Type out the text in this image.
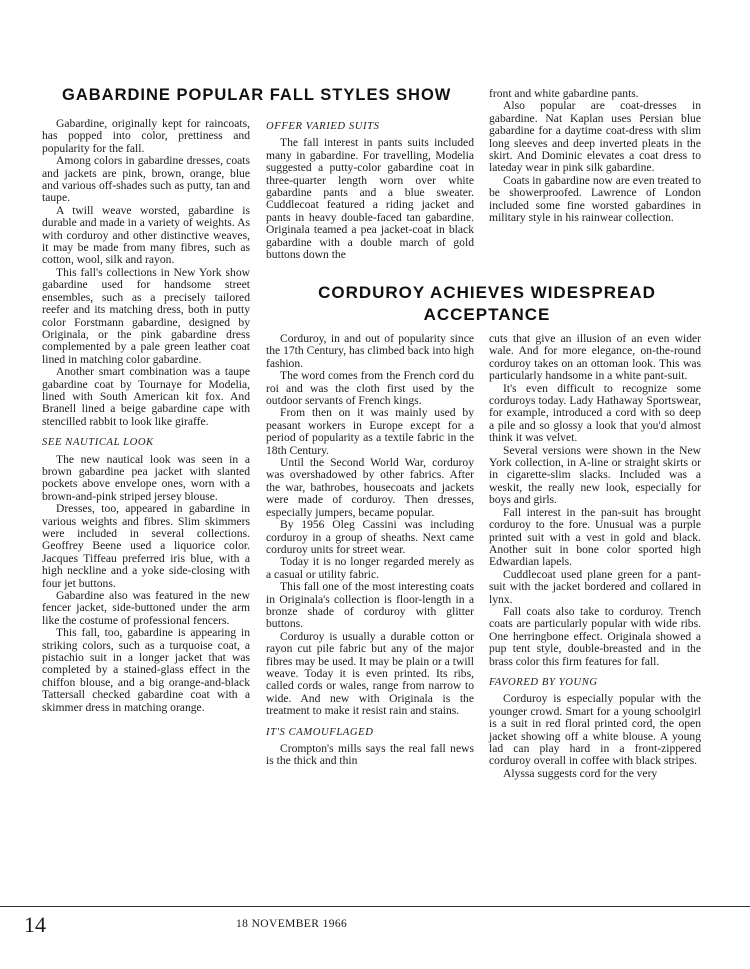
GABARDINE POPULAR FALL STYLES SHOW

Gabardine, originally kept for raincoats, has popped into color, prettiness and popularity for the fall.

Among colors in gabardine dresses, coats and jackets are pink, brown, orange, blue and various off-shades such as putty, tan and taupe.

A twill weave worsted, gabardine is durable and made in a variety of weights. As with corduroy and other distinctive weaves, it may be made from many fibres, such as cotton, wool, silk and rayon.

This fall's collections in New York show gabardine used for handsome street ensembles, such as a precisely tailored reefer and its matching dress, both in putty color Forstmann gabardine, designed by Originala, or the pink gabardine dress complemented by a pale green leather coat lined in matching color gabardine.

Another smart combination was a taupe gabardine coat by Tournaye for Modelia, lined with South American kit fox. And Branell lined a beige gabardine cape with stencilled rabbit to look like giraffe.

SEE NAUTICAL LOOK

The new nautical look was seen in a brown gabardine pea jacket with slanted pockets above envelope ones, worn with a brown-and-pink striped jersey blouse.

Dresses, too, appeared in gabardine in various weights and fibres. Slim skimmers were included in several collections. Geoffrey Beene used a liquorice color. Jacques Tiffeau preferred iris blue, with a high neckline and a yoke side-closing with four jet buttons.

Gabardine also was featured in the new fencer jacket, side-buttoned under the arm like the costume of professional fencers.

This fall, too, gabardine is appearing in striking colors, such as a turquoise coat, a pistachio suit in a longer jacket that was completed by a stained-glass effect in the chiffon blouse, and a big orange-and-black Tattersall checked gabardine coat with a skimmer dress in matching orange.

OFFER VARIED SUITS

The fall interest in pants suits included many in gabardine. For travelling, Modelia suggested a putty-color gabardine coat in three-quarter length worn over white gabardine pants and a blue sweater. Cuddlecoat featured a riding jacket and pants in heavy double-faced tan gabardine. Originala teamed a pea jacket-coat in black gabardine with a double march of gold buttons down the

front and white gabardine pants.

Also popular are coat-dresses in gabardine. Nat Kaplan uses Persian blue gabardine for a daytime coat-dress with slim long sleeves and deep inverted pleats in the skirt. And Dominic elevates a coat dress to lateday wear in pink silk gabardine.

Coats in gabardine now are even treated to be showerproofed. Lawrence of London included some fine worsted gabardines in military style in his rainwear collection.

CORDUROY ACHIEVES WIDESPREAD ACCEPTANCE

Corduroy, in and out of popularity since the 17th Century, has climbed back into high fashion.

The word comes from the French cord du roi and was the cloth first used by the outdoor servants of French kings.

From then on it was mainly used by peasant workers in Europe except for a period of popularity as a textile fabric in the 18th Century.

Until the Second World War, corduroy was overshadowed by other fabrics. After the war, bathrobes, housecoats and jackets were made of corduroy. Then dresses, especially jumpers, became popular.

By 1956 Oleg Cassini was including corduroy in a group of sheaths. Next came corduroy units for street wear.

Today it is no longer regarded merely as a casual or utility fabric.

This fall one of the most interesting coats in Originala's collection is floor-length in a bronze shade of corduroy with glitter buttons.

Corduroy is usually a durable cotton or rayon cut pile fabric but any of the major fibres may be used. It may be plain or a twill weave. Today it is even printed. Its ribs, called cords or wales, range from narrow to wide. And new with Originala is the treatment to make it resist rain and stains.

IT'S CAMOUFLAGED

Crompton's mills says the real fall news is the thick and thin

cuts that give an illusion of an even wider wale. And for more elegance, on-the-round corduroy takes on an ottoman look. This was particularly handsome in a white pant-suit.

It's even difficult to recognize some corduroys today. Lady Hathaway Sportswear, for example, introduced a cord with so deep a pile and so glossy a look that you'd almost think it was velvet.

Several versions were shown in the New York collection, in A-line or straight skirts or in cigarette-slim slacks. Included was a weskit, the really new look, especially for boys and girls.

Fall interest in the pan-suit has brought corduroy to the fore. Unusual was a purple printed suit with a vest in gold and black. Another suit in bone color sported high Edwardian lapels.

Cuddlecoat used plane green for a pant-suit with the jacket bordered and collared in lynx.

Fall coats also take to corduroy. Trench coats are particularly popular with wide ribs. One herringbone effect. Originala showed a pup tent style, double-breasted and in the brass color this firm features for fall.

FAVORED BY YOUNG

Corduroy is especially popular with the younger crowd. Smart for a young schoolgirl is a suit in red floral printed cord, the open jacket showing off a white blouse. A young lad can play hard in a front-zippered corduroy overall in coffee with black stripes.

Alyssa suggests cord for the very

14	18 NOVEMBER 1966
